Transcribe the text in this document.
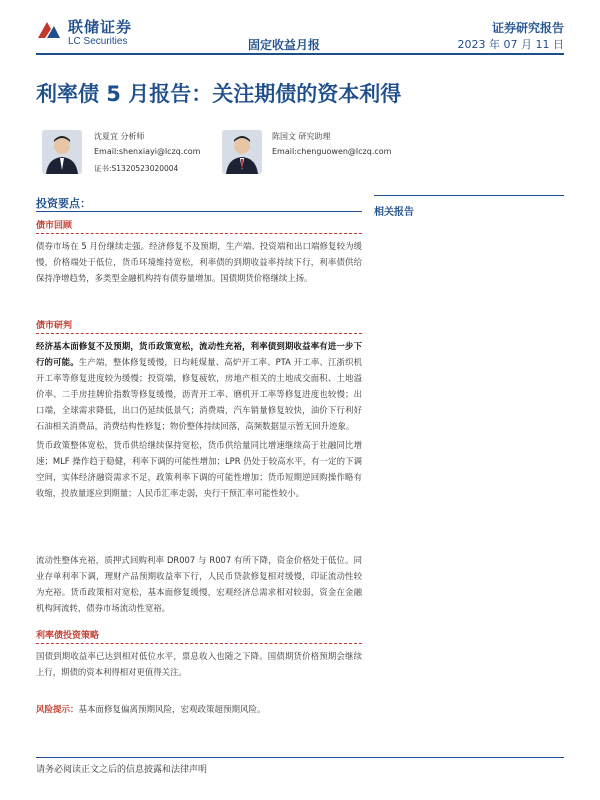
联储证券
LC Securities	固定收益月报
证券研究报告
2023 年 07 月 11 日
利率债 5 月报告：关注期债的资本利得
沈夏宜 分析师
Email:shenxiayi@lczq.com
证书:S1320523020004
陈国文 研究助理
Email:chenguowen@lczq.com
投资要点：
相关报告
债市回顾
债券市场在 5 月份继续走强。经济修复不及预期，生产端、投资端和出口端修复较为缓慢，价格端处于低位，货币环境维持宽松，利率债的到期收益率持续下行，利率债供给保持净增趋势，多类型金融机构持有债券量增加。国债期货价格继续上扬。
债市研判
经济基本面修复不及预期，货币政策宽松，流动性充裕，利率债到期收益率有进一步下行的可能。生产端，整体修复缓慢，日均耗煤量、高炉开工率、PTA 开工率、江浙织机开工率等修复进度较为缓慢；投资端，修复疲软，房地产相关的土地成交面积、土地溢价率、二手房挂牌价指数等修复缓慢，沥青开工率、磨机开工率等修复进度也较慢；出口端，全球需求降低，出口仍延续低景气；消费端，汽车销量修复较快，油价下行利好石油相关消费品，消费结构性修复；物价整体持续回落，高频数据显示暂无回升迹象。
货币政策整体宽松，货币供给继续保持宽松，货币供给量同比增速继续高于社融同比增速；MLF 操作趋于稳健，利率下调的可能性增加；LPR 仍处于较高水平，有一定的下调空间，实体经济融资需求不足，政策利率下调的可能性增加；货币短期逆回购操作略有收缩，投放量逐应到期量；人民币汇率走弱，央行干预汇率可能性较小。
流动性整体充裕，质押式回购利率 DR007 与 R007 有所下降，资金价格处于低位。同业存单利率下调，理财产品预期收益率下行，人民币贷款修复相对缓慢，印证流动性较为充裕。货币政策相对宽松，基本面修复缓慢，宏观经济总需求相对较弱，资金在金融机构间流转，债券市场流动性宽裕。
利率债投资策略
国债到期收益率已达到相对低位水平，票息收入也随之下降。国债期货价格预期会继续上行，期债的资本利得相对更值得关注。
风险提示：基本面修复偏离预期风险，宏观政策超预期风险。
请务必阅读正文之后的信息披露和法律声明
